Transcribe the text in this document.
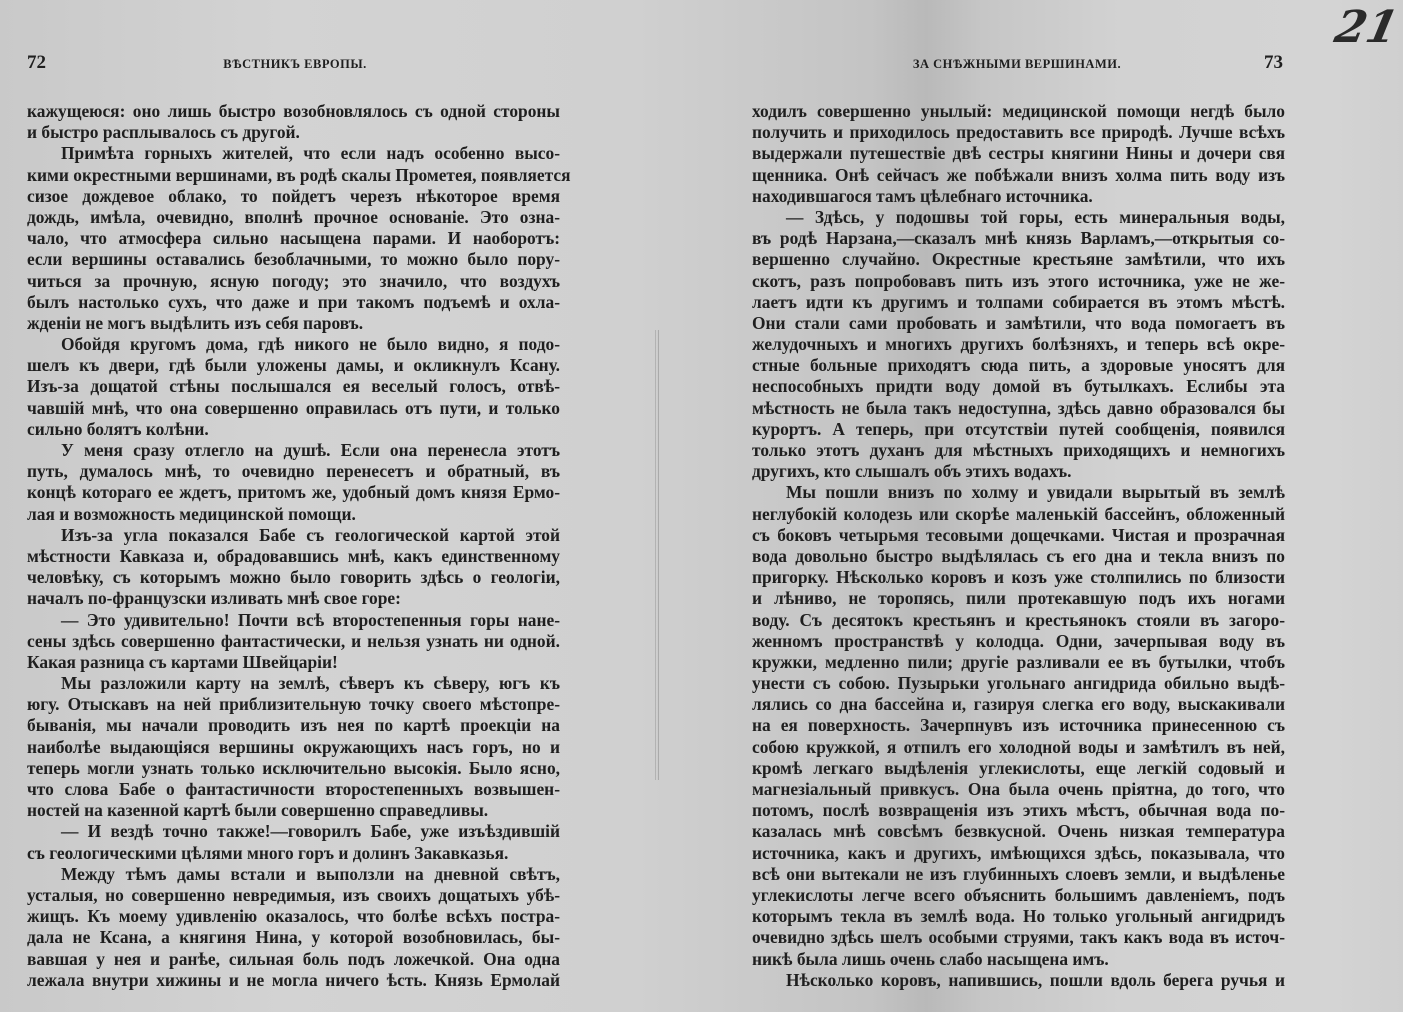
72	ВѢСТНИКЪ ЕВРОПЫ.
кажущеюся: оно лишь быстро возобновлялось съ одной стороны
и быстро расплывалось съ другой.
Примѣта горныхъ жителей, что если надъ особенно высо-
кими окрестными вершинами, въ родѣ скалы Прометея, появляется
сизое дождевое облако, то пойдетъ черезъ нѣкоторое время
дождь, имѣла, очевидно, вполнѣ прочное основаніе. Это озна-
чало, что атмосфера сильно насыщена парами. И наоборотъ:
если вершины оставались безоблачными, то можно было пору-
читься за прочную, ясную погоду; это значило, что воздухъ
былъ настолько сухъ, что даже и при такомъ подъемѣ и охла-
жденіи не могъ выдѣлить изъ себя паровъ.
Обойдя кругомъ дома, гдѣ никого не было видно, я подо-
шелъ къ двери, гдѣ были уложены дамы, и окликнулъ Ксану.
Изъ-за дощатой стѣны послышался ея веселый голосъ, отвѣ-
чавшій мнѣ, что она совершенно оправилась отъ пути, и только
сильно болятъ колѣни.
У меня сразу отлегло на душѣ. Если она перенесла этотъ
путь, думалось мнѣ, то очевидно перенесетъ и обратный, въ
концѣ котораго ее ждетъ, притомъ же, удобный домъ князя Ермо-
лая и возможность медицинской помощи.
Изъ-за угла показался Бабе съ геологической картой этой
мѣстности Кавказа и, обрадовавшись мнѣ, какъ единственному
человѣку, съ которымъ можно было говорить здѣсь о геологіи,
началъ по-французски изливать мнѣ свое горе:
— Это удивительно! Почти всѣ второстепенныя горы нане-
сены здѣсь совершенно фантастически, и нельзя узнать ни одной.
Какая разница съ картами Швейцаріи!
Мы разложили карту на землѣ, сѣверъ къ сѣверу, югъ къ
югу. Отыскавъ на ней приблизительную точку своего мѣстопре-
быванія, мы начали проводить изъ нея по картѣ проекціи на
наиболѣе выдающіяся вершины окружающихъ насъ горъ, но и
теперь могли узнать только исключительно высокія. Было ясно,
что слова Бабе о фантастичности второстепенныхъ возвышен-
ностей на казенной картѣ были совершенно справедливы.
— И вездѣ точно также!—говорилъ Бабе, уже изъѣздившій
съ геологическими цѣлями много горъ и долинъ Закавказья.
Между тѣмъ дамы встали и выползли на дневной свѣтъ,
усталыя, но совершенно невредимыя, изъ своихъ дощатыхъ убѣ-
жищъ. Къ моему удивленію оказалось, что болѣе всѣхъ постра-
дала не Ксана, а княгиня Нина, у которой возобновилась, бы-
вавшая у нея и ранѣе, сильная боль подъ ложечкой. Она одна
лежала внутри хижины и не могла ничего ѣсть. Князь Ермолай
ЗА СНѢЖНЫМИ ВЕРШИНАМИ.	73
21
ходилъ совершенно унылый: медицинской помощи негдѣ было
получить и приходилось предоставить все природѣ. Лучше всѣхъ
выдержали путешествіе двѣ сестры княгини Нины и дочери свя
щенника. Онѣ сейчасъ же побѣжали внизъ холма пить воду изъ
находившагося тамъ цѣлебнаго источника.
— Здѣсь, у подошвы той горы, есть минеральныя воды,
въ родѣ Нарзана,—сказалъ мнѣ князь Варламъ,—открытыя со-
вершенно случайно. Окрестные крестьяне замѣтили, что ихъ
скотъ, разъ попробовавъ пить изъ этого источника, уже не же-
лаетъ идти къ другимъ и толпами собирается въ этомъ мѣстѣ.
Они стали сами пробовать и замѣтили, что вода помогаетъ въ
желудочныхъ и многихъ другихъ болѣзняхъ, и теперь всѣ окре-
стные больные приходятъ сюда пить, а здоровые уносятъ для
неспособныхъ придти воду домой въ бутылкахъ. Еслибы эта
мѣстность не была такъ недоступна, здѣсь давно образовался бы
курортъ. А теперь, при отсутствіи путей сообщенія, появился
только этотъ духанъ для мѣстныхъ приходящихъ и немногихъ
другихъ, кто слышалъ объ этихъ водахъ.
Мы пошли внизъ по холму и увидали вырытый въ землѣ
неглубокій колодезь или скорѣе маленькій бассейнъ, обложенный
съ боковъ четырьмя тесовыми дощечками. Чистая и прозрачная
вода довольно быстро выдѣлялась съ его дна и текла внизъ по
пригорку. Нѣсколько коровъ и козъ уже столпились по близости
и лѣниво, не торопясь, пили протекавшую подъ ихъ ногами
воду. Съ десятокъ крестьянъ и крестьянокъ стояли въ загоро-
женномъ пространствѣ у колодца. Одни, зачерпывая воду въ
кружки, медленно пили; другіе разливали ее въ бутылки, чтобъ
унести съ собою. Пузырьки угольнаго ангидрида обильно выдѣ-
лялись со дна бассейна и, газируя слегка его воду, выскакивали
на ея поверхность. Зачерпнувъ изъ источника принесенною съ
собою кружкой, я отпилъ его холодной воды и замѣтилъ въ ней,
кромѣ легкаго выдѣленія углекислоты, еще легкій содовый и
магнезіальный привкусъ. Она была очень пріятна, до того, что
потомъ, послѣ возвращенія изъ этихъ мѣстъ, обычная вода по-
казалась мнѣ совсѣмъ безвкусной. Очень низкая температура
источника, какъ и другихъ, имѣющихся здѣсь, показывала, что
всѣ они вытекали не изъ глубинныхъ слоевъ земли, и выдѣленье
углекислоты легче всего объяснить большимъ давленіемъ, подъ
которымъ текла въ землѣ вода. Но только угольный ангидридъ
очевидно здѣсь шелъ особыми струями, такъ какъ вода въ источ-
никѣ была лишь очень слабо насыщена имъ.
Нѣсколько коровъ, напившись, пошли вдоль берега ручья и
